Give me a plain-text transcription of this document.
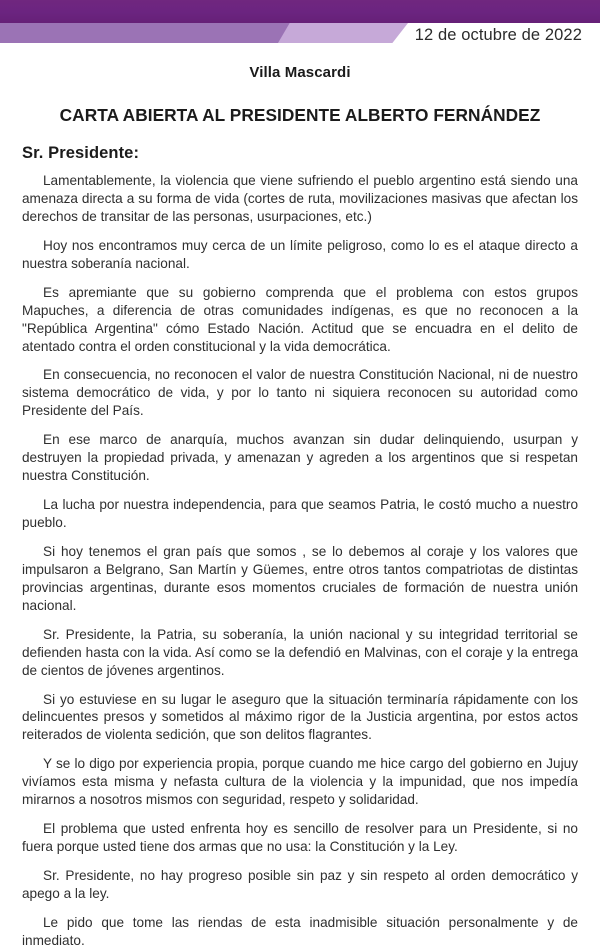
12 de octubre de 2022
Villa Mascardi
CARTA ABIERTA AL PRESIDENTE ALBERTO FERNÁNDEZ
Sr. Presidente:

Lamentablemente, la violencia que viene sufriendo el pueblo argentino está siendo una amenaza directa a su forma de vida (cortes de ruta, movilizaciones masivas que afectan los derechos de transitar de las personas, usurpaciones, etc.)

Hoy nos encontramos muy cerca de un límite peligroso, como lo es el ataque directo a nuestra soberanía nacional.

Es apremiante que su gobierno comprenda que el problema con estos grupos Mapuches, a diferencia de otras comunidades indígenas, es que no reconocen a la "República Argentina" cómo Estado Nación. Actitud que se encuadra en el delito de atentado contra el orden constitucional y la vida democrática.

En consecuencia, no reconocen el valor de nuestra Constitución Nacional, ni de nuestro sistema democrático de vida, y por lo tanto ni siquiera reconocen su autoridad como Presidente del País.

En ese marco de anarquía, muchos avanzan sin dudar delinquiendo, usurpan y destruyen la propiedad privada, y amenazan y agreden a los argentinos que si respetan nuestra Constitución.

La lucha por nuestra independencia, para que seamos Patria, le costó mucho a nuestro pueblo.

Si hoy tenemos el gran país que somos , se lo debemos al coraje y los valores que impulsaron a Belgrano, San Martín y Güemes, entre otros tantos compatriotas de distintas provincias argentinas, durante esos momentos cruciales de formación de nuestra unión nacional.

Sr. Presidente, la Patria, su soberanía, la unión nacional y su integridad territorial se defienden hasta con la vida. Así como se la defendió en Malvinas, con el coraje y la entrega de cientos de jóvenes argentinos.

Si yo estuviese en su lugar le aseguro que la situación terminaría rápidamente con los delincuentes presos y sometidos al máximo rigor de la Justicia argentina, por estos actos reiterados de violenta sedición, que son delitos flagrantes.

Y se lo digo por experiencia propia, porque cuando me hice cargo del gobierno en Jujuy vivíamos esta misma y nefasta cultura de la violencia y la impunidad, que nos impedía mirarnos a nosotros mismos con seguridad, respeto y solidaridad.

El problema que usted enfrenta hoy es sencillo de resolver para un Presidente, si no fuera porque usted tiene dos armas que no usa: la Constitución y la Ley.

Sr. Presidente, no hay progreso posible sin paz y sin respeto al orden democrático y apego a la ley.

Le pido que tome las riendas de esta inadmisible situación personalmente y de inmediato.
